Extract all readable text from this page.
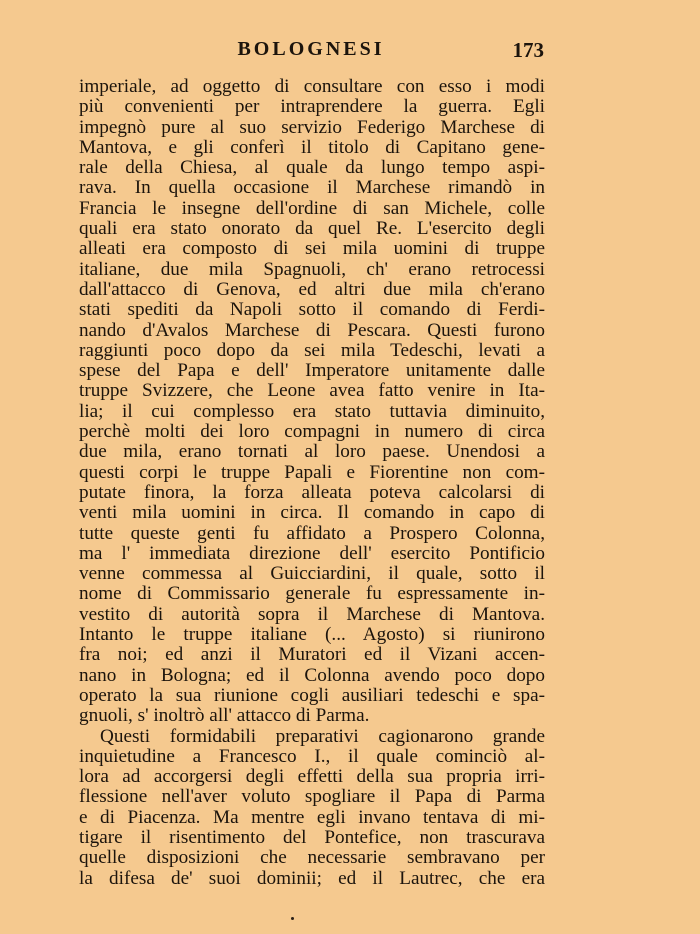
BOLOGNESI	173
imperiale, ad oggetto di consultare con esso i modi
più convenienti per intraprendere la guerra. Egli
impegnò pure al suo servizio Federigo Marchese di
Mantova, e gli conferì il titolo di Capitano gene-
rale della Chiesa, al quale da lungo tempo aspi-
rava. In quella occasione il Marchese rimandò in
Francia le insegne dell'ordine di san Michele, colle
quali era stato onorato da quel Re. L'esercito degli
alleati era composto di sei mila uomini di truppe
italiane, due mila Spagnuoli, ch' erano retrocessi
dall'attacco di Genova, ed altri due mila ch'erano
stati spediti da Napoli sotto il comando di Ferdi-
nando d'Avalos Marchese di Pescara. Questi furono
raggiunti poco dopo da sei mila Tedeschi, levati a
spese del Papa e dell' Imperatore unitamente dalle
truppe Svizzere, che Leone avea fatto venire in Ita-
lia; il cui complesso era stato tuttavia diminuito,
perchè molti dei loro compagni in numero di circa
due mila, erano tornati al loro paese. Unendosi a
questi corpi le truppe Papali e Fiorentine non com-
putate finora, la forza alleata poteva calcolarsi di
venti mila uomini in circa. Il comando in capo di
tutte queste genti fu affidato a Prospero Colonna,
ma l' immediata direzione dell' esercito Pontificio
venne commessa al Guicciardini, il quale, sotto il
nome di Commissario generale fu espressamente in-
vestito di autorità sopra il Marchese di Mantova.
Intanto le truppe italiane (... Agosto) si riunirono
fra noi; ed anzi il Muratori ed il Vizani accen-
nano in Bologna; ed il Colonna avendo poco dopo
operato la sua riunione cogli ausiliari tedeschi e spa-
gnuoli, s' inoltrò all' attacco di Parma.
Questi formidabili preparativi cagionarono grande
inquietudine a Francesco I., il quale cominciò al-
lora ad accorgersi degli effetti della sua propria irri-
flessione nell'aver voluto spogliare il Papa di Parma
e di Piacenza. Ma mentre egli invano tentava di mi-
tigare il risentimento del Pontefice, non trascurava
quelle disposizioni che necessarie sembravano per
la difesa de' suoi dominii; ed il Lautrec, che era
